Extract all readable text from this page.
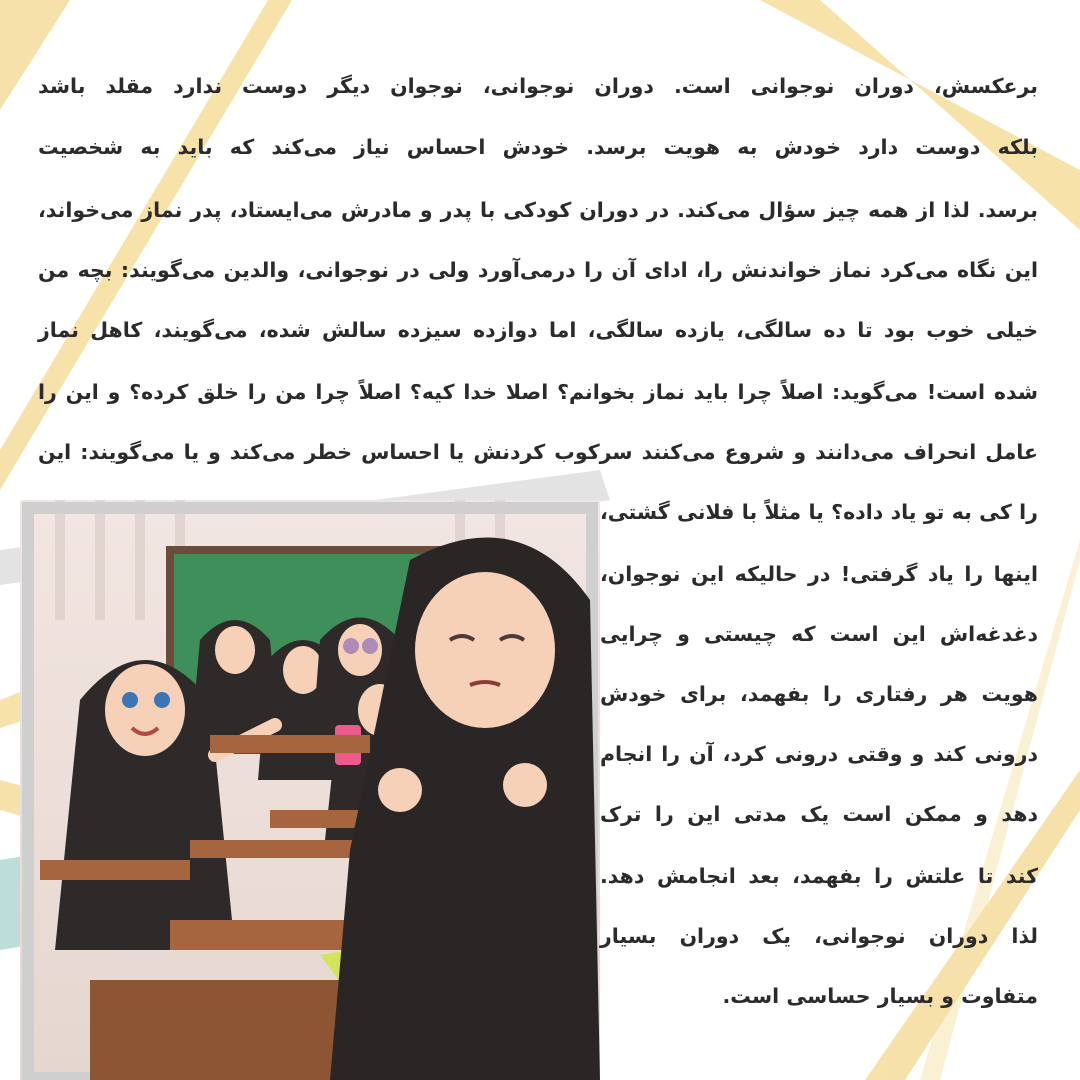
برعکسش، دوران نوجوانی است. دوران نوجوانی، نوجوان دیگر دوست ندارد مقلد باشد
بلکه دوست دارد خودش به هویت برسد. خودش احساس نیاز می‌کند که باید به شخصیت
برسد. لذا از همه چیز سؤال می‌کند. در دوران کودکی با پدر و مادرش می‌ایستاد، پدر نماز می‌خواند،
این نگاه می‌کرد نماز خواندنش را، ادای آن را درمی‌آورد ولی در نوجوانی، والدین می‌گویند: بچه من
خیلی خوب بود تا ده سالگی، یازده سالگی، اما دوازده سیزده سالش شده، می‌گویند، کاهل نماز
شده است! می‌گوید: اصلاً چرا باید نماز بخوانم؟ اصلا خدا کیه؟ اصلاً چرا من را خلق کرده؟ و این را
عامل انحراف می‌دانند و شروع می‌کنند سرکوب کردنش یا احساس خطر می‌کند و یا می‌گویند: این
را کی به تو یاد داده؟ یا مثلاً با فلانی گشتی،
اینها را یاد گرفتی! در حالیکه این نوجوان،
دغدغه‌اش این است که چیستی و چرایی
هویت هر رفتاری را بفهمد، برای خودش
درونی کند و وقتی درونی کرد، آن را انجام
دهد و ممکن است یک مدتی این را ترک
کند تا علتش را بفهمد، بعد انجامش دهد.
لذا دوران نوجوانی، یک دوران بسیار
متفاوت و بسیار حساسی است.
